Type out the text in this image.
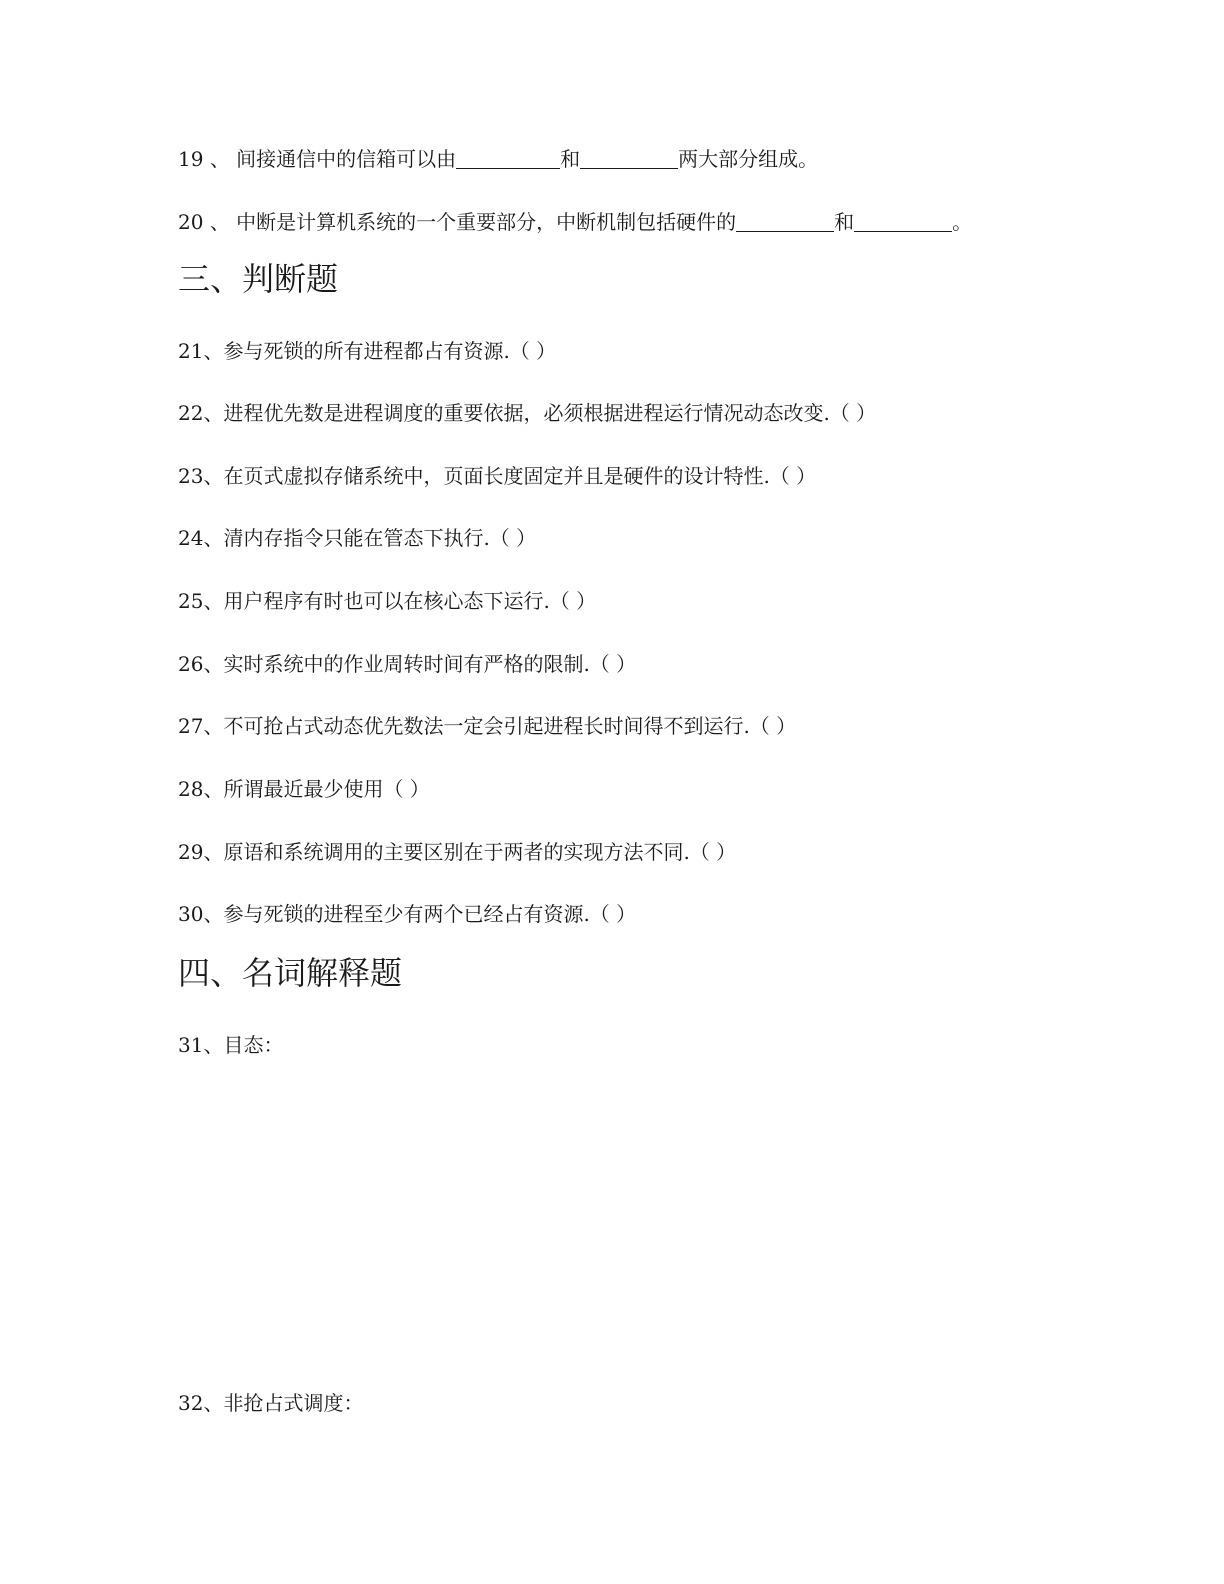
19 、 间接通信中的信箱可以由	和	两大部分组成。
20 、 中断是计算机系统的一个重要部分，中断机制包括硬件的	和	。
三、判断题
21、参与死锁的所有进程都占有资源.（ ）
22、进程优先数是进程调度的重要依据，必须根据进程运行情况动态改变.（ ）
23、在页式虚拟存储系统中，页面长度固定并且是硬件的设计特性.（ ）
24、清内存指令只能在管态下执行.（ ）
25、用户程序有时也可以在核心态下运行.（ ）
26、实时系统中的作业周转时间有严格的限制.（ ）
27、不可抢占式动态优先数法一定会引起进程长时间得不到运行.（ ）
28、所谓最近最少使用（ ）
29、原语和系统调用的主要区别在于两者的实现方法不同.（ ）
30、参与死锁的进程至少有两个已经占有资源.（ ）
四、名词解释题
31、目态：
32、非抢占式调度：
